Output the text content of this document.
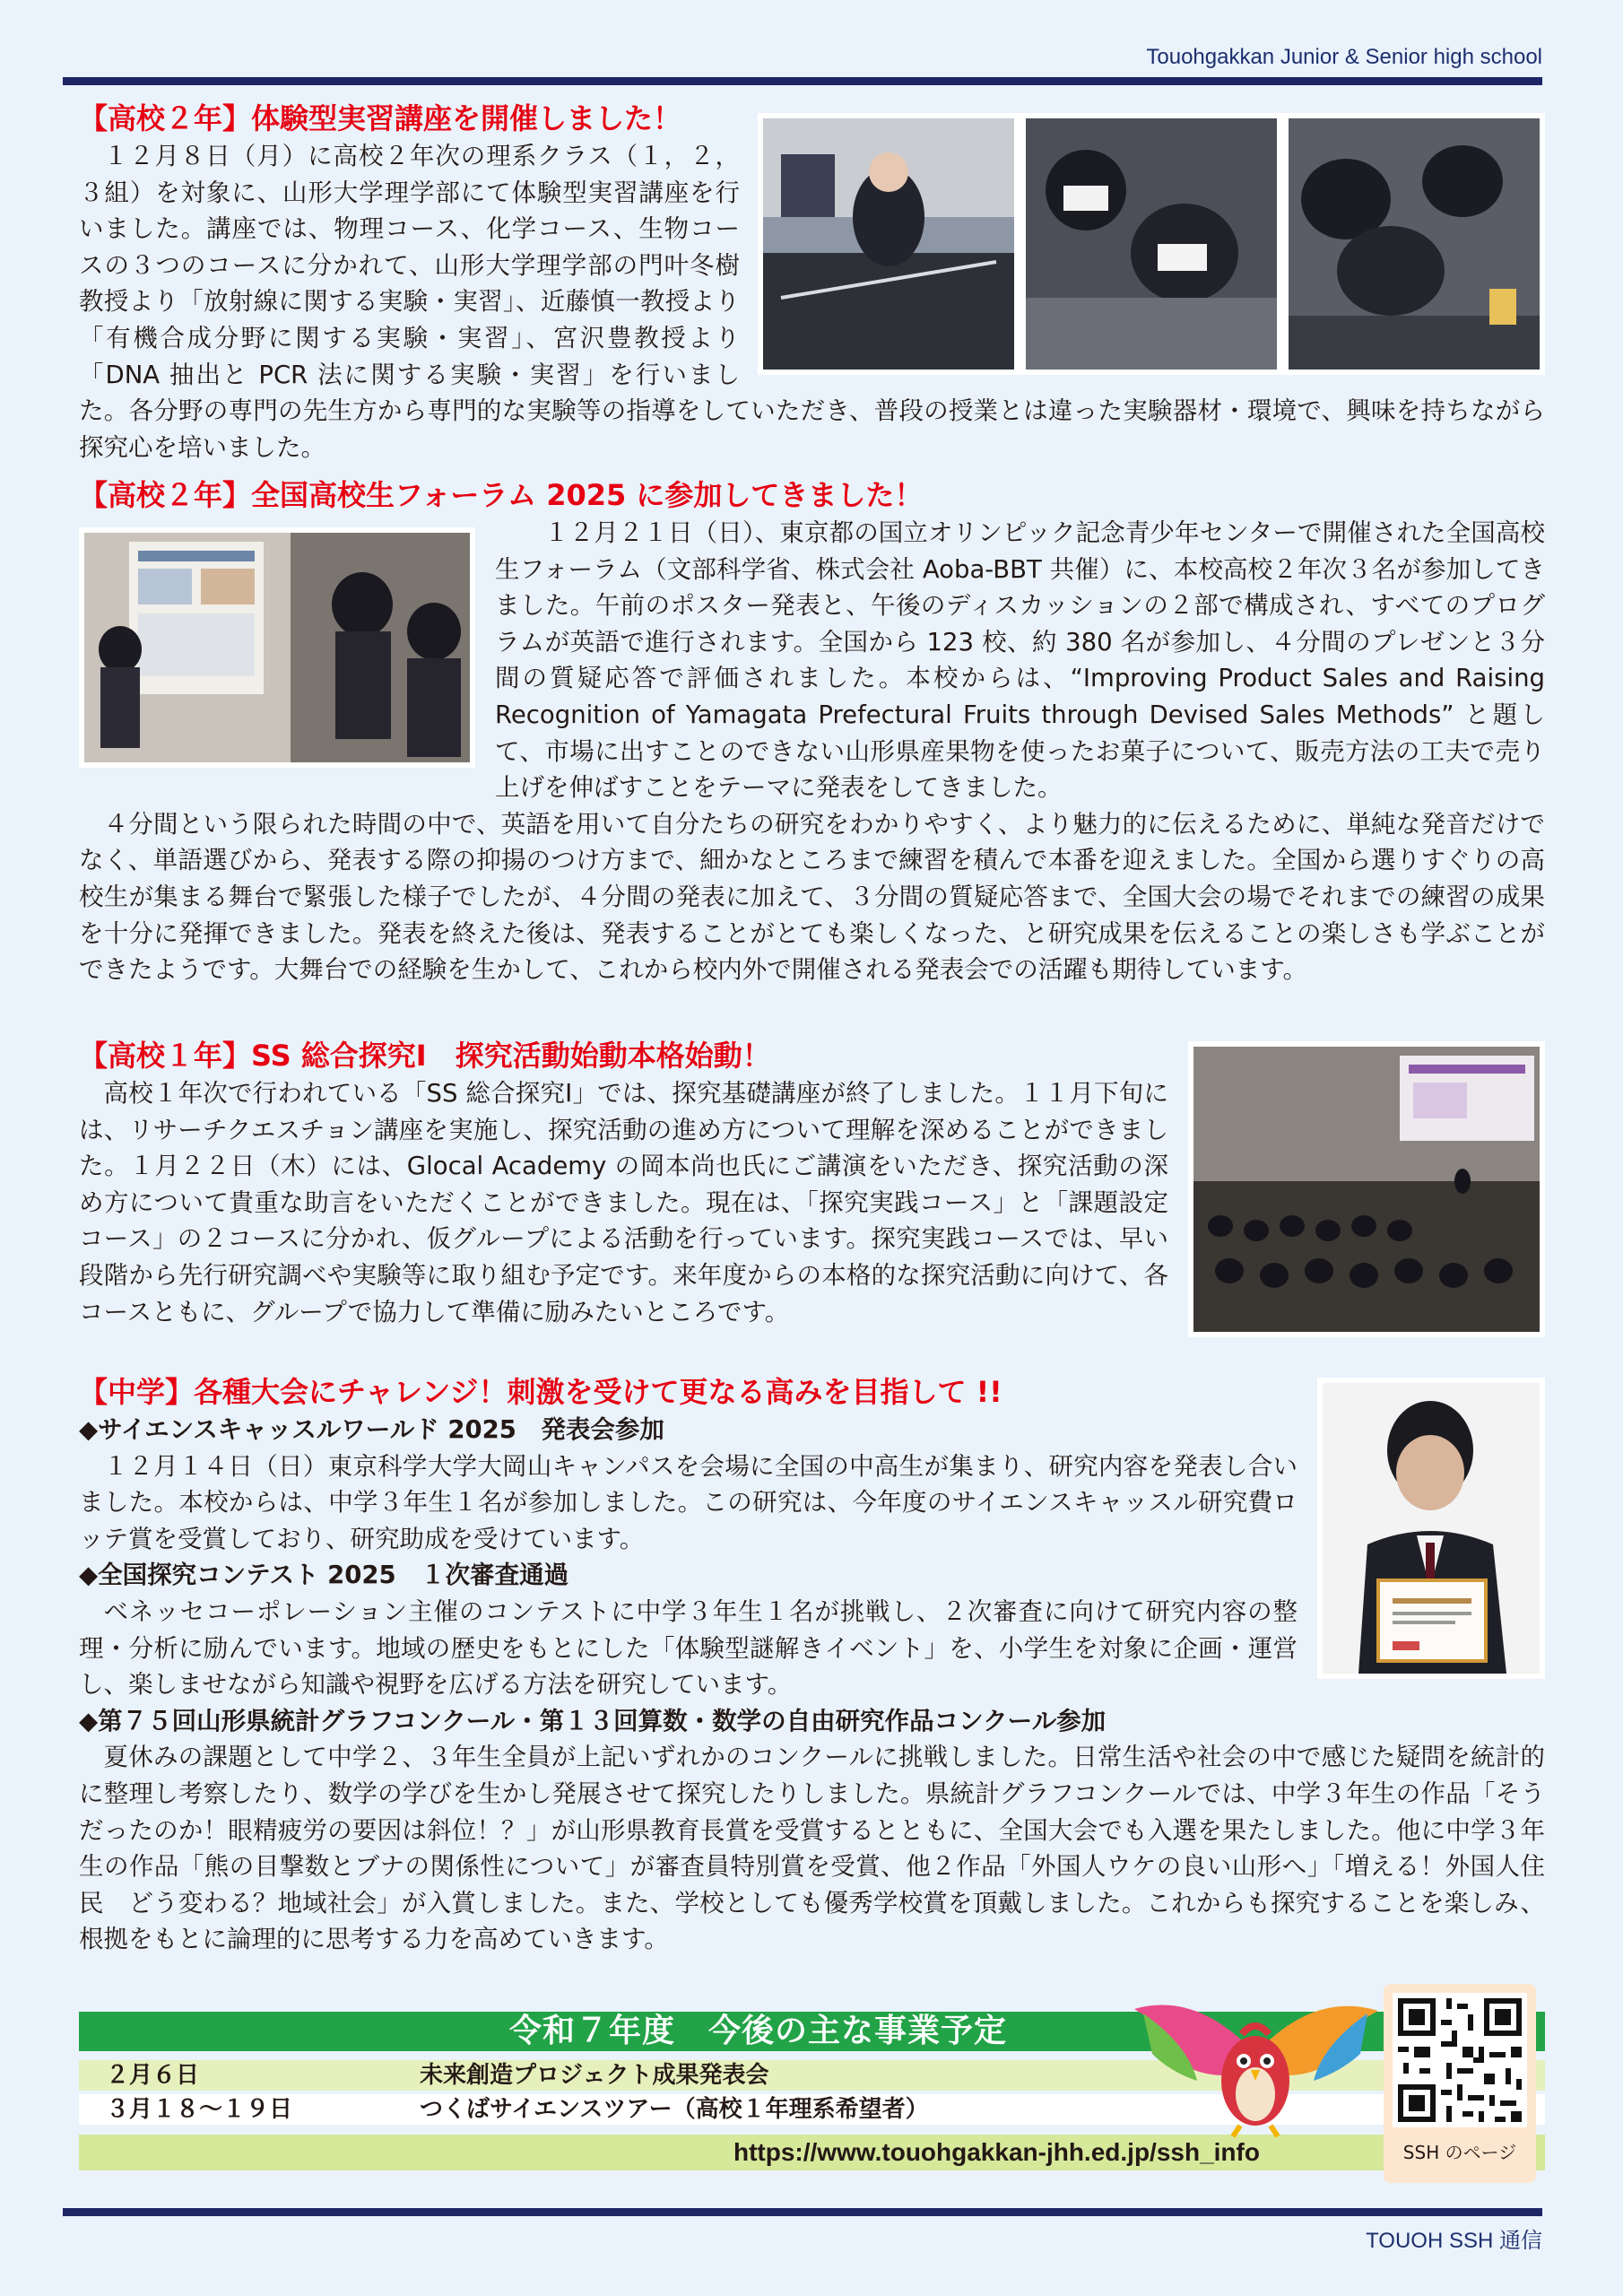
Touohgakkan Junior & Senior high school
【高校２年】体験型実習講座を開催しました！

１２月８日（月）に高校２年次の理系クラス（１，２，３組）を対象に、山形大学理学部にて体験型実習講座を行いました。講座では、物理コース、化学コース、生物コースの３つのコースに分かれて、山形大学理学部の門叶冬樹教授より「放射線に関する実験・実習」、近藤慎一教授より「有機合成分野に関する実験・実習」、宮沢豊教授より「DNA 抽出と PCR 法に関する実験・実習」を行いました。各分野の専門の先生方から専門的な実験等の指導をしていただき、普段の授業とは違った実験器材・環境で、興味を持ちながら探究心を培いました。

【高校２年】全国高校生フォーラム 2025 に参加してきました！

１２月２１日（日）、東京都の国立オリンピック記念青少年センターで開催された全国高校生フォーラム（文部科学省、株式会社 Aoba-BBT 共催）に、本校高校２年次３名が参加してきました。午前のポスター発表と、午後のディスカッションの２部で構成され、すべてのプログラムが英語で進行されます。全国から 123 校、約 380 名が参加し、４分間のプレゼンと３分間の質疑応答で評価されました。本校からは、“Improving Product Sales and Raising Recognition of Yamagata Prefectural Fruits through Devised Sales Methods” と題して、市場に出すことのできない山形県産果物を使ったお菓子について、販売方法の工夫で売り上げを伸ばすことをテーマに発表をしてきました。

４分間という限られた時間の中で、英語を用いて自分たちの研究をわかりやすく、より魅力的に伝えるために、単純な発音だけでなく、単語選びから、発表する際の抑揚のつけ方まで、細かなところまで練習を積んで本番を迎えました。全国から選りすぐりの高校生が集まる舞台で緊張した様子でしたが、４分間の発表に加えて、３分間の質疑応答まで、全国大会の場でそれまでの練習の成果を十分に発揮できました。発表を終えた後は、発表することがとても楽しくなった、と研究成果を伝えることの楽しさも学ぶことができたようです。大舞台での経験を生かして、これから校内外で開催される発表会での活躍も期待しています。

【高校１年】SS 総合探究Ⅰ　探究活動始動本格始動！

高校１年次で行われている「SS 総合探究Ⅰ」では、探究基礎講座が終了しました。１１月下旬には、リサーチクエスチョン講座を実施し、探究活動の進め方について理解を深めることができました。１月２２日（木）には、Glocal Academy の岡本尚也氏にご講演をいただき、探究活動の深め方について貴重な助言をいただくことができました。現在は、「探究実践コース」と「課題設定コース」の２コースに分かれ、仮グループによる活動を行っています。探究実践コースでは、早い段階から先行研究調べや実験等に取り組む予定です。来年度からの本格的な探究活動に向けて、各コースともに、グループで協力して準備に励みたいところです。

【中学】各種大会にチャレンジ！刺激を受けて更なる高みを目指して !!
◆サイエンスキャッスルワールド 2025　発表会参加

１２月１４日（日）東京科学大学大岡山キャンパスを会場に全国の中高生が集まり、研究内容を発表し合いました。本校からは、中学３年生１名が参加しました。この研究は、今年度のサイエンスキャッスル研究費ロッテ賞を受賞しており、研究助成を受けています。

◆全国探究コンテスト 2025　１次審査通過

ベネッセコーポレーション主催のコンテストに中学３年生１名が挑戦し、２次審査に向けて研究内容の整理・分析に励んでいます。地域の歴史をもとにした「体験型謎解きイベント」を、小学生を対象に企画・運営し、楽しませながら知識や視野を広げる方法を研究しています。

◆第７５回山形県統計グラフコンクール・第１３回算数・数学の自由研究作品コンクール参加

夏休みの課題として中学２、３年生全員が上記いずれかのコンクールに挑戦しました。日常生活や社会の中で感じた疑問を統計的に整理し考察したり、数学の学びを生かし発展させて探究したりしました。県統計グラフコンクールでは、中学３年生の作品「そうだったのか！眼精疲労の要因は斜位！？」が山形県教育長賞を受賞するとともに、全国大会でも入選を果たしました。他に中学３年生の作品「熊の目撃数とブナの関係性について」が審査員特別賞を受賞、他２作品「外国人ウケの良い山形へ」「増える！外国人住民　どう変わる？地域社会」が入賞しました。また、学校としても優秀学校賞を頂戴しました。これからも探究することを楽しみ、根拠をもとに論理的に思考する力を高めていきます。

令和７年度　今後の主な事業予定
２月６日	未来創造プロジェクト成果発表会
３月１８～１９日	つくばサイエンスツアー（高校１年理系希望者）
https://www.touohgakkan-jhh.ed.jp/ssh_info	SSH のページ
TOUOH SSH 通信
